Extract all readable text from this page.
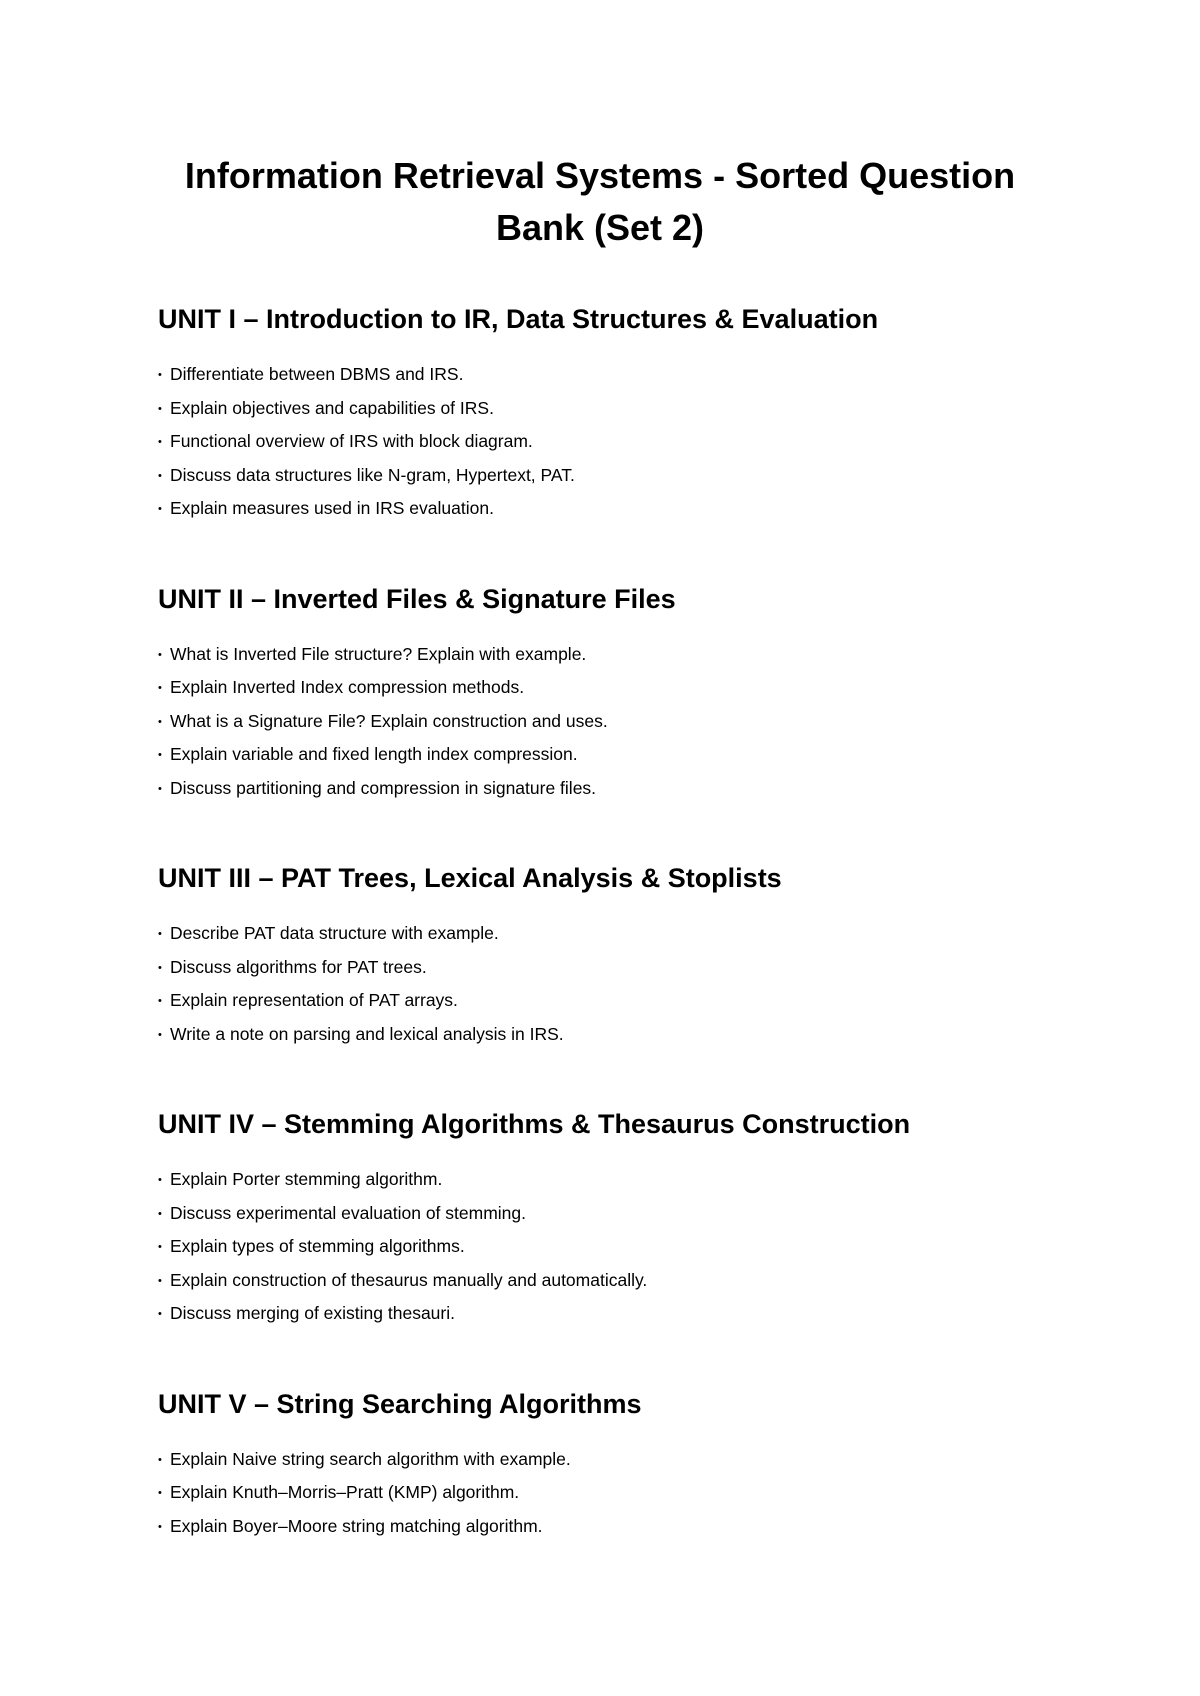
Information Retrieval Systems - Sorted Question Bank (Set 2)
UNIT I – Introduction to IR, Data Structures & Evaluation
• Differentiate between DBMS and IRS.
• Explain objectives and capabilities of IRS.
• Functional overview of IRS with block diagram.
• Discuss data structures like N-gram, Hypertext, PAT.
• Explain measures used in IRS evaluation.
UNIT II – Inverted Files & Signature Files
• What is Inverted File structure? Explain with example.
• Explain Inverted Index compression methods.
• What is a Signature File? Explain construction and uses.
• Explain variable and fixed length index compression.
• Discuss partitioning and compression in signature files.
UNIT III – PAT Trees, Lexical Analysis & Stoplists
• Describe PAT data structure with example.
• Discuss algorithms for PAT trees.
• Explain representation of PAT arrays.
• Write a note on parsing and lexical analysis in IRS.
UNIT IV – Stemming Algorithms & Thesaurus Construction
• Explain Porter stemming algorithm.
• Discuss experimental evaluation of stemming.
• Explain types of stemming algorithms.
• Explain construction of thesaurus manually and automatically.
• Discuss merging of existing thesauri.
UNIT V – String Searching Algorithms
• Explain Naive string search algorithm with example.
• Explain Knuth–Morris–Pratt (KMP) algorithm.
• Explain Boyer–Moore string matching algorithm.
